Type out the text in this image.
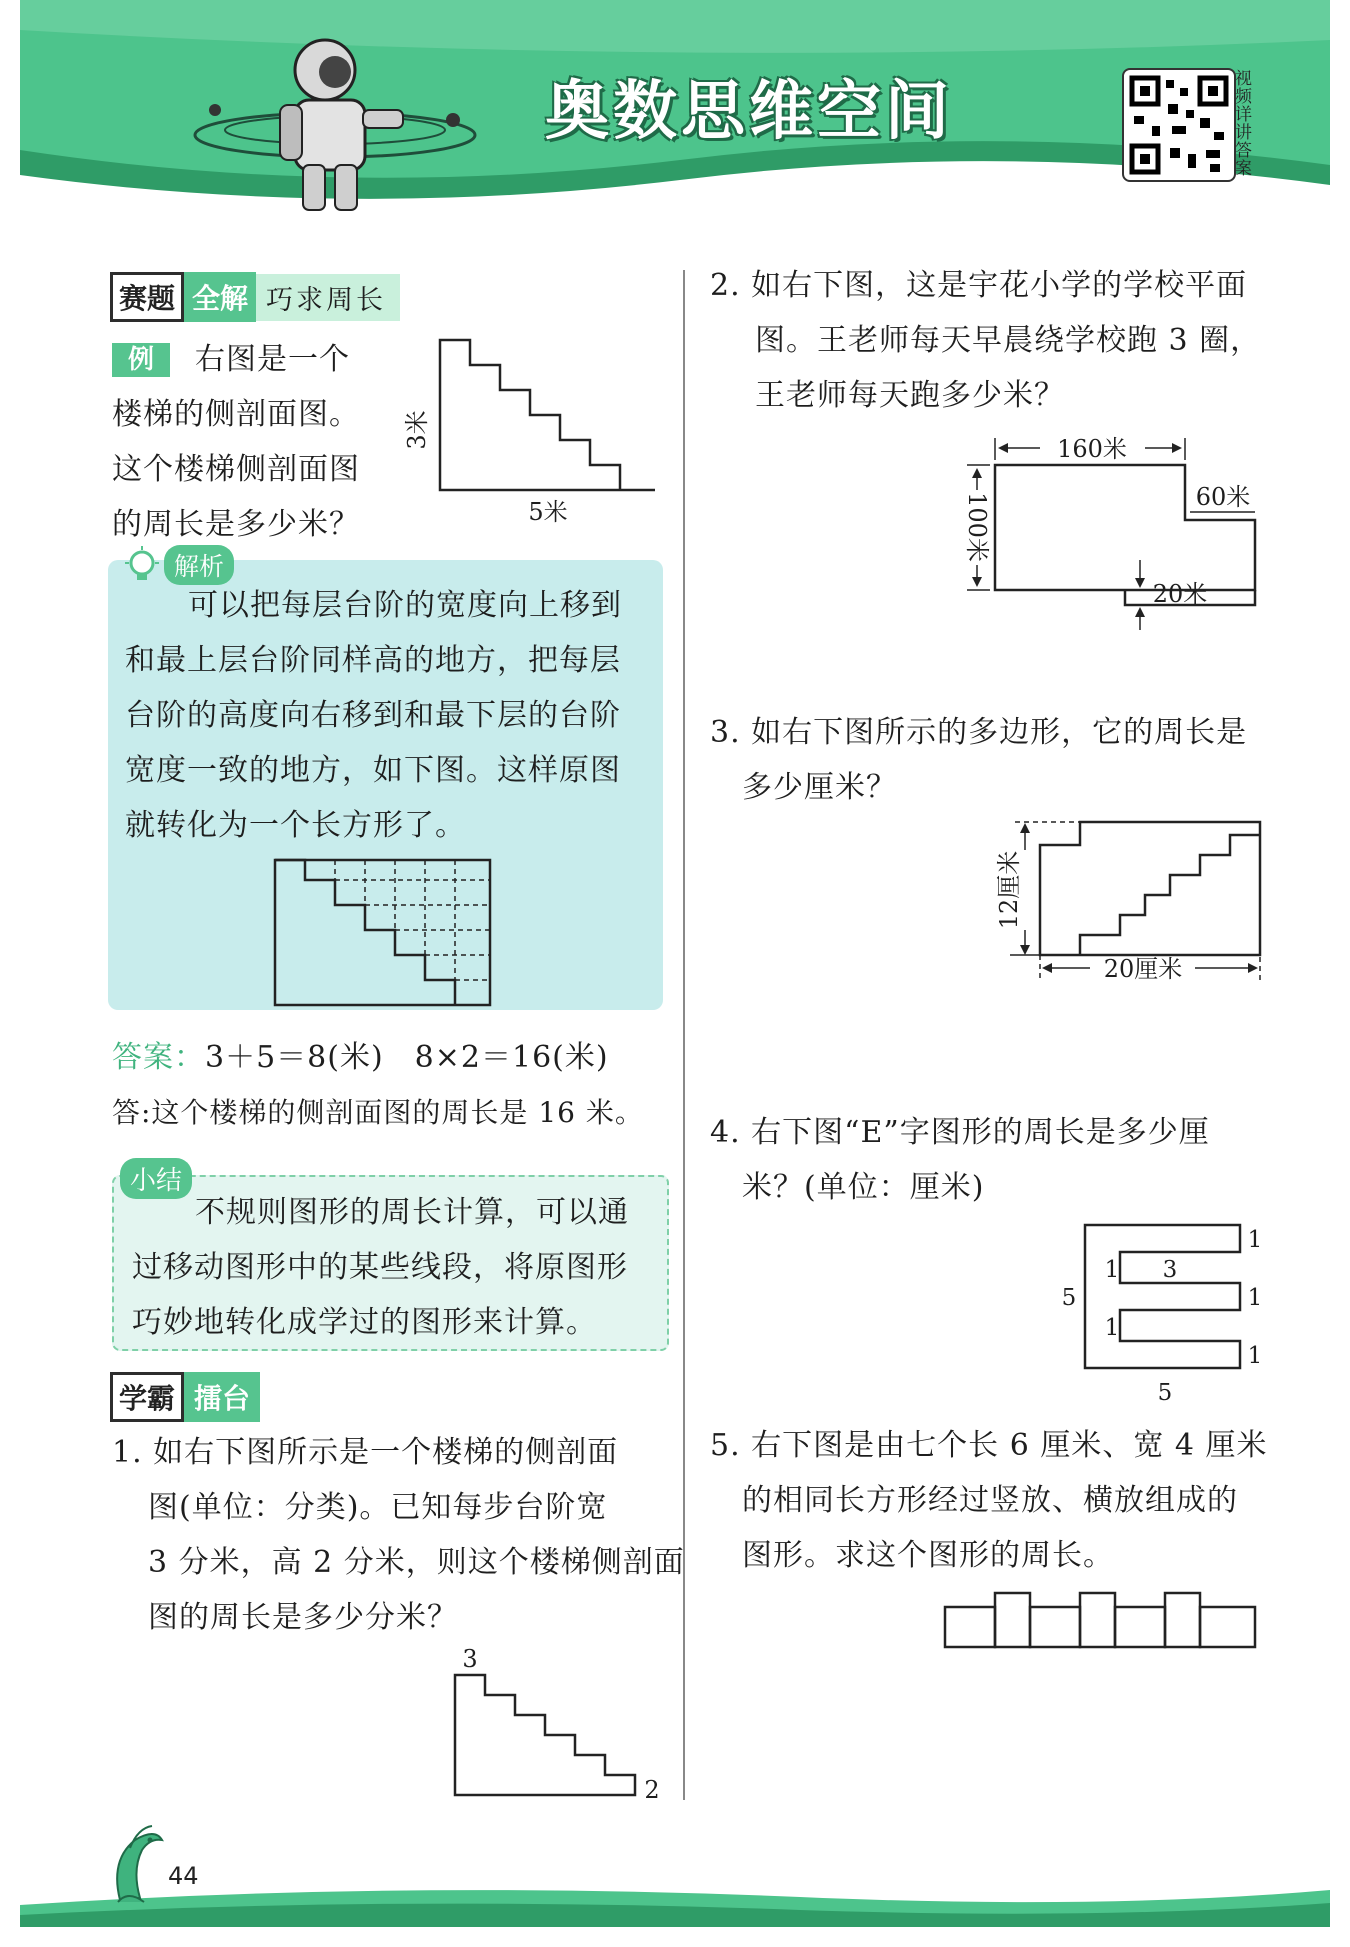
奥数思维空间	视频详讲答案
赛题 全解 巧求周长
例	右图是一个
楼梯的侧剖面图。
这个楼梯侧剖面图
的周长是多少米？
3米
5米
解析
可以把每层台阶的宽度向上移到
和最上层台阶同样高的地方，把每层
台阶的高度向右移到和最下层的台阶
宽度一致的地方，如下图。这样原图
就转化为一个长方形了。
答案：3＋5＝8(米)　8×2＝16(米)
答:这个楼梯的侧剖面图的周长是 16 米。
小结
不规则图形的周长计算，可以通
过移动图形中的某些线段，将原图形
巧妙地转化成学过的图形来计算。
学霸 擂台
1. 如右下图所示是一个楼梯的侧剖面
图(单位：分类)。已知每步台阶宽
3 分米，高 2 分米，则这个楼梯侧剖面
图的周长是多少分米？
3
2
2. 如右下图，这是宇花小学的学校平面
图。王老师每天早晨绕学校跑 3 圈，
王老师每天跑多少米？
160米
100米	60米
20米
3. 如右下图所示的多边形，它的周长是
多少厘米？
12厘米
20厘米
4. 右下图“E”字图形的周长是多少厘
米？(单位：厘米)
1
1 3
5	1
1
1
5
5. 右下图是由七个长 6 厘米、宽 4 厘米
的相同长方形经过竖放、横放组成的
图形。求这个图形的周长。
44
